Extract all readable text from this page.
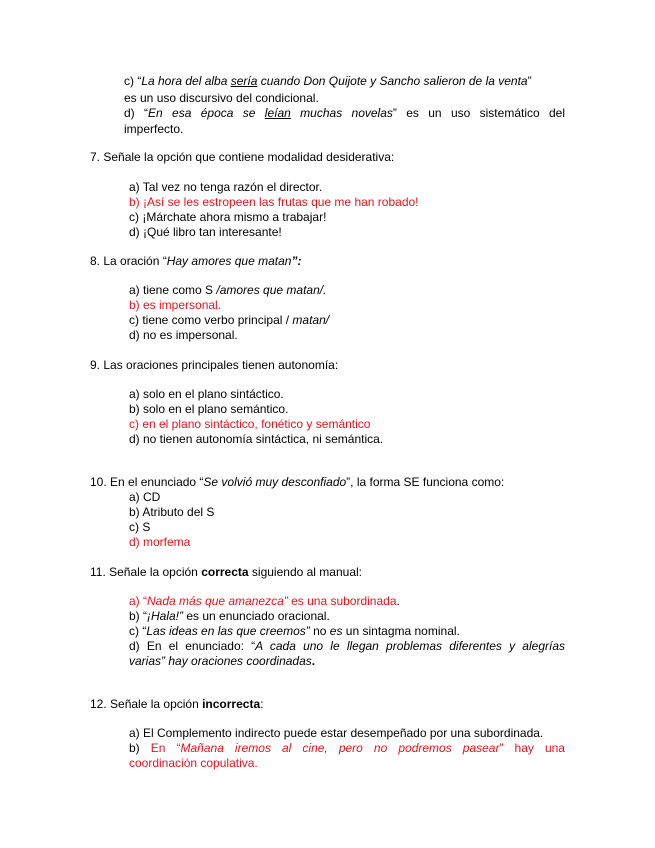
c) “La hora del alba sería cuando Don Quijote y Sancho salieron de la venta”
es un uso discursivo del condicional.
d) “En esa época se leían muchas novelas” es un uso sistemático del
imperfecto.
7. Señale la opción que contiene modalidad desiderativa:
a) Tal vez no tenga razón el director.
b) ¡Así se les estropeen las frutas que me han robado!
c) ¡Márchate ahora mismo a trabajar!
d) ¡Qué libro tan interesante!
8. La oración “Hay amores que matan”:
a) tiene como S /amores que matan/.
b) es impersonal.
c) tiene como verbo principal / matan/
d) no es impersonal.
9. Las oraciones principales tienen autonomía:
a) solo en el plano sintáctico.
b) solo en el plano semántico.
c) en el plano sintáctico, fonético y semántico
d) no tienen autonomía sintáctica, ni semántica.
10. En el enunciado “Se volvió muy desconfiado”, la forma SE funciona como:
a) CD
b) Atributo del S
c) S
d) morfema
11. Señale la opción correcta siguiendo al manual:
a) “Nada más que amanezca” es una subordinada.
b) “¡Hala!” es un enunciado oracional.
c) “Las ideas en las que creemos” no es un sintagma nominal.
d) En el enunciado: “A cada uno le llegan problemas diferentes y alegrías
varias” hay oraciones coordinadas.
12. Señale la opción incorrecta:
a) El Complemento indirecto puede estar desempeñado por una subordinada.
b) En “Mañana iremos al cine, pero no podremos pasear” hay una
coordinación copulativa.
